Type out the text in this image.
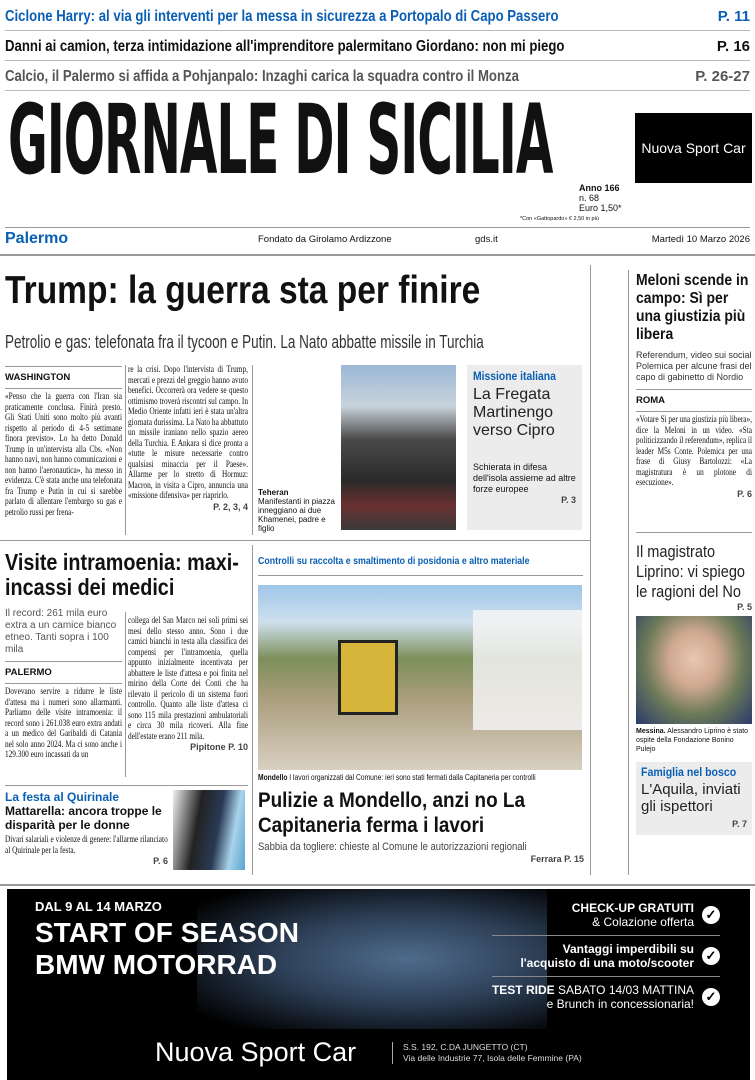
Ciclone Harry: al via gli interventi per la messa in sicurezza a Portopalo di Capo Passero	P. 11
Danni ai camion, terza intimidazione all'imprenditore palermitano Giordano: non mi piego	P. 16
Calcio, il Palermo si affida a Pohjanpalo: Inzaghi carica la squadra contro il Monza	P. 26-27
GIORNALE DI SICILIA	Nuova Sport Car
Anno 166
n. 68
Euro 1,50*
*Con «Gattopardo» € 2,50 in più
Palermo	Fondato da Girolamo Ardizzone	gds.it	Martedì 10 Marzo 2026
Trump: la guerra sta per finire
Petrolio e gas: telefonata fra il tycoon e Putin. La Nato abbatte missile in Turchia
WASHINGTON
«Penso che la guerra con l'Iran sia praticamente conclusa. Finirà presto. Gli Stati Uniti sono molto più avanti rispetto al periodo di 4-5 settimane finora previsto». Lo ha detto Donald Trump in un'intervista alla Cbs. «Non hanno navi, non hanno comunicazioni e non hanno l'aeronautica», ha messo in evidenza. C'è stata anche una telefonata fra Trump e Putin in cui si sarebbe parlato di allentare l'embargo su gas e petrolio russi per frena-
re la crisi. Dopo l'intervista di Trump, mercati e prezzi del greggio hanno avuto benefici. Occorrerà ora vedere se questo ottimismo troverà riscontri sul campo. In Medio Oriente infatti ieri è stata un'altra giornata durissima. La Nato ha abbattuto un missile iraniano nello spazio aereo della Turchia. E Ankara si dice pronta a «tutte le misure necessarie contro qualsiasi minaccia per il Paese». Allarme per lo stretto di Hormuz: Macron, in visita a Cipro, annuncia una «missione difensiva» per riaprirlo.
P. 2, 3, 4
Teheran
Manifestanti in piazza inneggiano ai due Khamenei, padre e figlio
Missione italiana
La Fregata Martinengo verso Cipro
Schierata in difesa dell'isola assieme ad altre forze europee
P. 3
Meloni scende in campo: Sì per una giustizia più libera
Referendum, video sui social Polemica per alcune frasi del capo di gabinetto di Nordio
ROMA
«Votare Sì per una giustizia più libera», dice la Meloni in un video. «Sta politicizzando il referendum», replica il leader M5s Conte. Polemica per una frase di Giusy Bartolozzi: «La magistratura è un plotone di esecuzione».
P. 6
Visite intramoenia: maxi-incassi dei medici
Il record: 261 mila euro extra a un camice bianco etneo. Tanti sopra i 100 mila
PALERMO
Dovevano servire a ridurre le liste d'attesa ma i numeri sono allarmanti. Parliamo delle visite intramoenia: il record sono i 261.038 euro extra andati a un medico del Garibaldi di Catania nel solo anno 2024. Ma ci sono anche i 129.300 euro incassati da un
collega del San Marco nei soli primi sei mesi dello stesso anno. Sono i due camici bianchi in testa alla classifica dei compensi per l'intramoenia, quella appunto inizialmente incentivata per abbattere le liste d'attesa e poi finita nel mirino della Corte dei Conti che ha rilevato il pericolo di un sistema fuori controllo. Quanto alle liste d'attesa ci sono 115 mila prestazioni ambulatoriali e circa 30 mila ricoveri. Alla fine dell'estate erano 211 mila.
Pipitone P. 10
La festa al Quirinale
Mattarella: ancora troppe le disparità per le donne
Divari salariali e violenze di genere: l'allarme rilanciato al Quirinale per la festa.
P. 6
Controlli su raccolta e smaltimento di posidonia e altro materiale
Mondello I lavori organizzati dal Comune: ieri sono stati fermati dalla Capitaneria per controlli
Pulizie a Mondello, anzi no La Capitaneria ferma i lavori
Sabbia da togliere: chieste al Comune le autorizzazioni regionali
Ferrara P. 15
Il magistrato Liprino: vi spiego le ragioni del No
P. 5
Messina. Alessandro Liprino è stato ospite della Fondazione Bonino Pulejo
Famiglia nel bosco
L'Aquila, inviati gli ispettori
P. 7
DAL 9 AL 14 MARZO
START OF SEASON
BMW MOTORRAD
CHECK-UP GRATUITI
& Colazione offerta ✓
Vantaggi imperdibili su
l'acquisto di una moto/scooter ✓
TEST RIDE SABATO 14/03 MATTINA
e Brunch in concessionaria! ✓
Nuova Sport Car	S.S. 192, C.DA JUNGETTO (CT)
Via delle Industrie 77, Isola delle Femmine (PA)
